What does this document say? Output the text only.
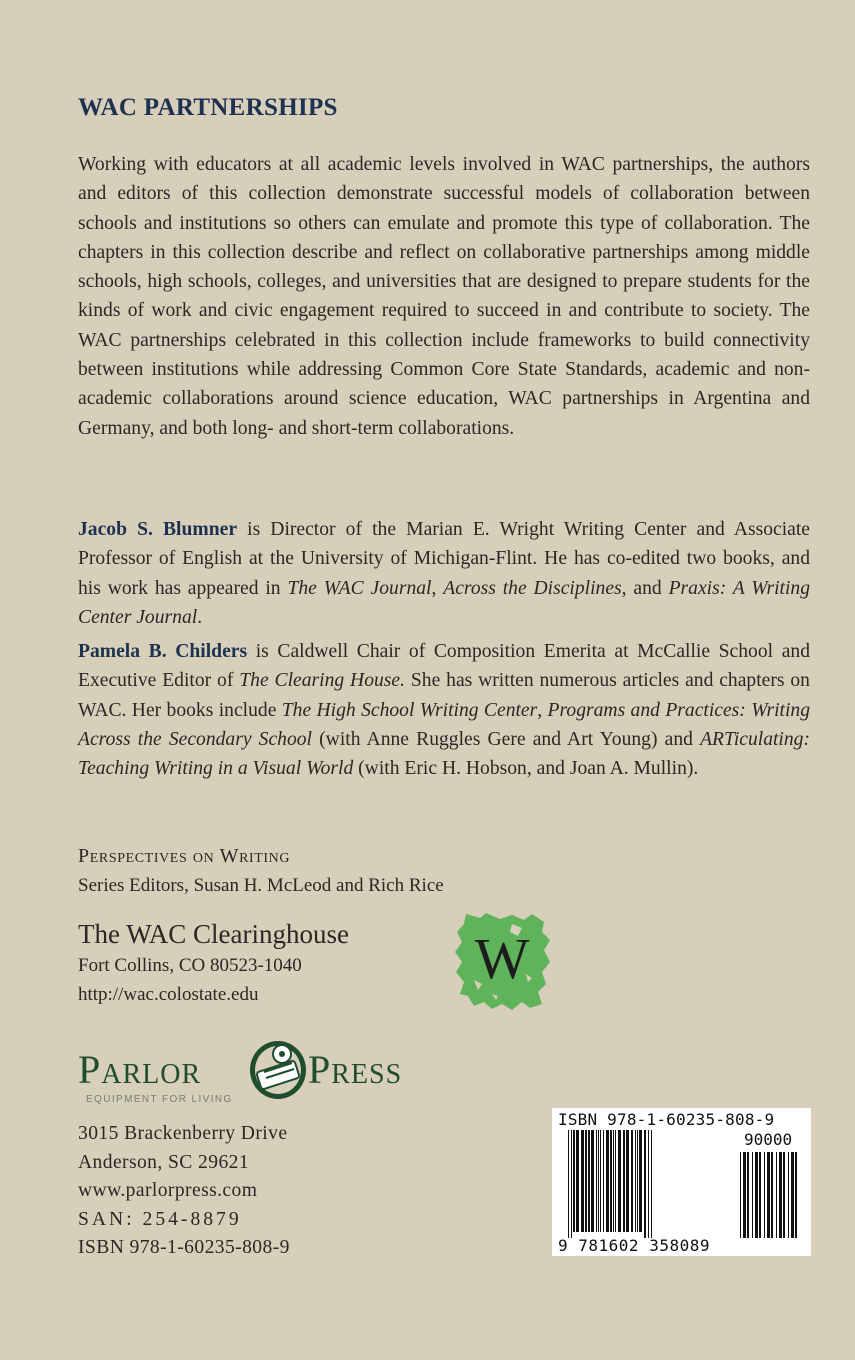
WAC PARTNERSHIPS
Working with educators at all academic levels involved in WAC partnerships, the authors and editors of this collection demonstrate successful models of collaboration between schools and institutions so others can emulate and promote this type of collaboration. The chapters in this collection describe and reflect on collaborative partnerships among middle schools, high schools, colleges, and universities that are designed to prepare students for the kinds of work and civic engagement required to succeed in and contribute to society. The WAC partnerships celebrated in this collection include frameworks to build connectivity between institutions while addressing Common Core State Standards, academic and non-academic collaborations around science education, WAC partnerships in Argentina and Germany, and both long- and short-term collaborations.
Jacob S. Blumner is Director of the Marian E. Wright Writing Center and Associate Professor of English at the University of Michigan-Flint. He has co-edited two books, and his work has appeared in The WAC Journal, Across the Disciplines, and Praxis: A Writing Center Journal.
Pamela B. Childers is Caldwell Chair of Composition Emerita at McCallie School and Executive Editor of The Clearing House. She has written numerous articles and chapters on WAC. Her books include The High School Writing Center, Programs and Practices: Writing Across the Secondary School (with Anne Ruggles Gere and Art Young) and ARTiculating: Teaching Writing in a Visual World (with Eric H. Hobson, and Joan A. Mullin).
Perspectives on Writing
Series Editors, Susan H. McLeod and Rich Rice
The WAC Clearinghouse
Fort Collins, CO 80523-1040
http://wac.colostate.edu
W
Parlor	Press
EQUIPMENT FOR LIVING
3015 Brackenberry Drive
Anderson, SC 29621
www.parlorpress.com
SAN: 254-8879
ISBN 978-1-60235-808-9
ISBN 978-1-60235-808-9
90000
9 781602 358089
